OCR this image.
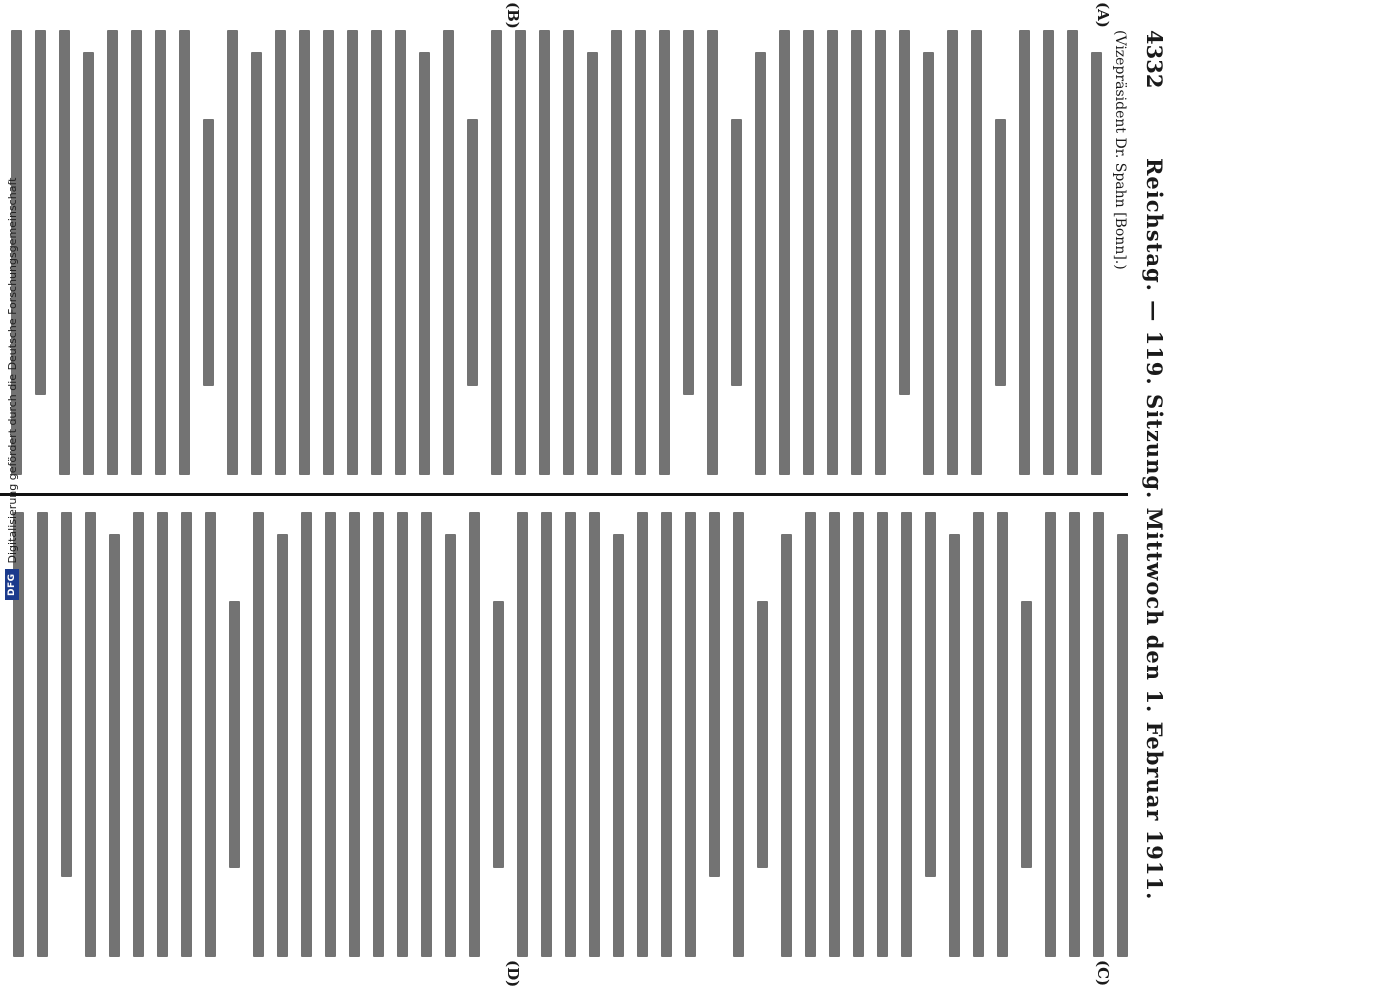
4332
Reichstag. — 119. Sitzung. Mittwoch den 1. Februar 1911.
(A)
(B)
(C)
(D)
(Vizepräsident Dr. Spahn [Bonn].)
DFG
Digitalisierung gefördert durch die Deutsche Forschungsgemeinschaft
